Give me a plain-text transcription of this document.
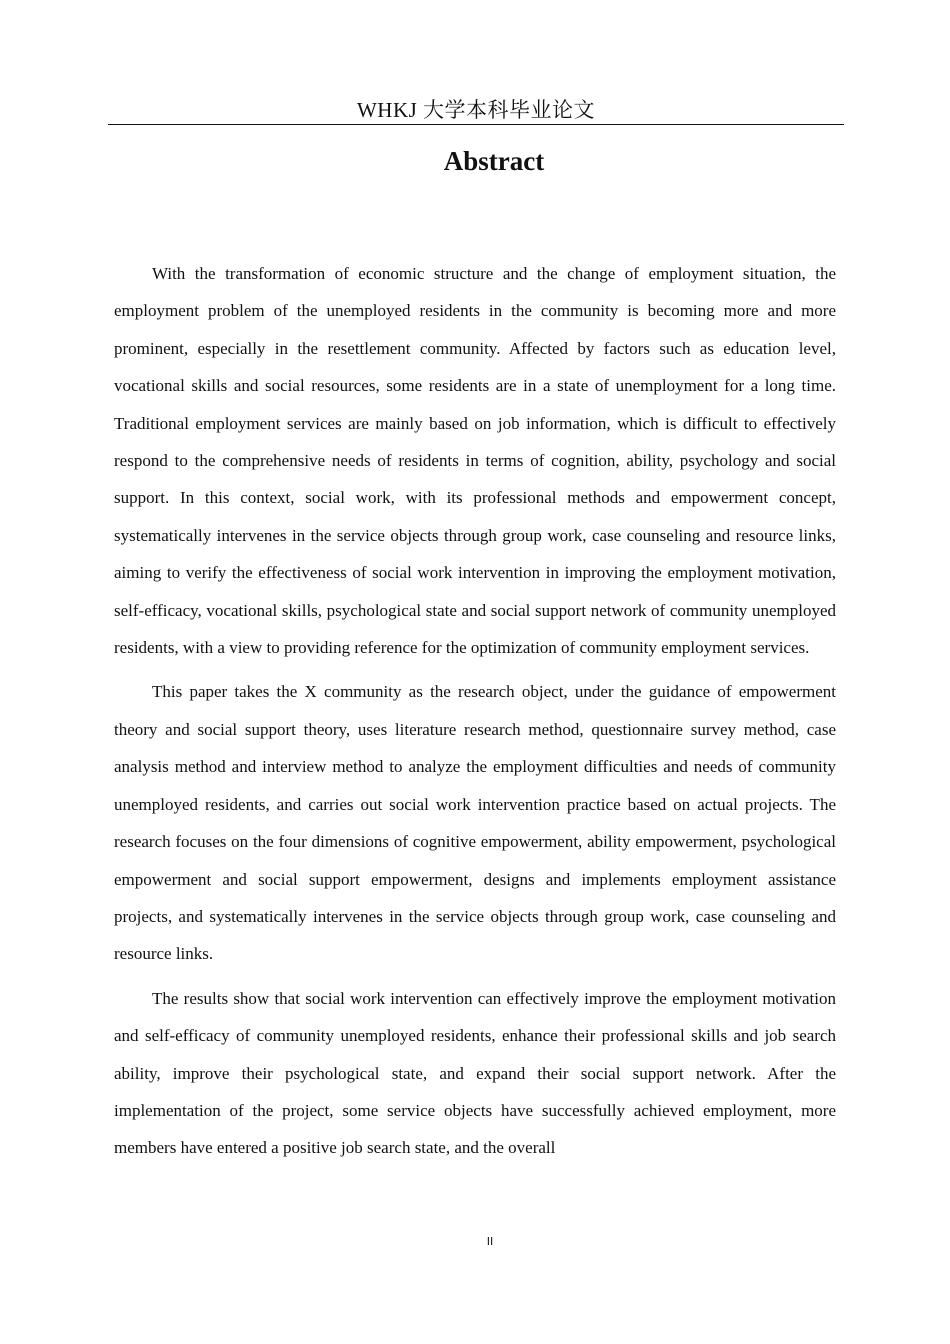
WHKJ 大学本科毕业论文
Abstract

With the transformation of economic structure and the change of employment situation, the employment problem of the unemployed residents in the community is becoming more and more prominent, especially in the resettlement community. Affected by factors such as education level, vocational skills and social resources, some residents are in a state of unemployment for a long time. Traditional employment services are mainly based on job information, which is difficult to effectively respond to the comprehensive needs of residents in terms of cognition, ability, psychology and social support. In this context, social work, with its professional methods and empowerment concept, systematically intervenes in the service objects through group work, case counseling and resource links, aiming to verify the effectiveness of social work intervention in improving the employment motivation, self-efficacy, vocational skills, psychological state and social support network of community unemployed residents, with a view to providing reference for the optimization of community employment services.

This paper takes the X community as the research object, under the guidance of empowerment theory and social support theory, uses literature research method, questionnaire survey method, case analysis method and interview method to analyze the employment difficulties and needs of community unemployed residents, and carries out social work intervention practice based on actual projects. The research focuses on the four dimensions of cognitive empowerment, ability empowerment, psychological empowerment and social support empowerment, designs and implements employment assistance projects, and systematically intervenes in the service objects through group work, case counseling and resource links.

The results show that social work intervention can effectively improve the employment motivation and self-efficacy of community unemployed residents, enhance their professional skills and job search ability, improve their psychological state, and expand their social support network. After the implementation of the project, some service objects have successfully achieved employment, more members have entered a positive job search state, and the overall

II
